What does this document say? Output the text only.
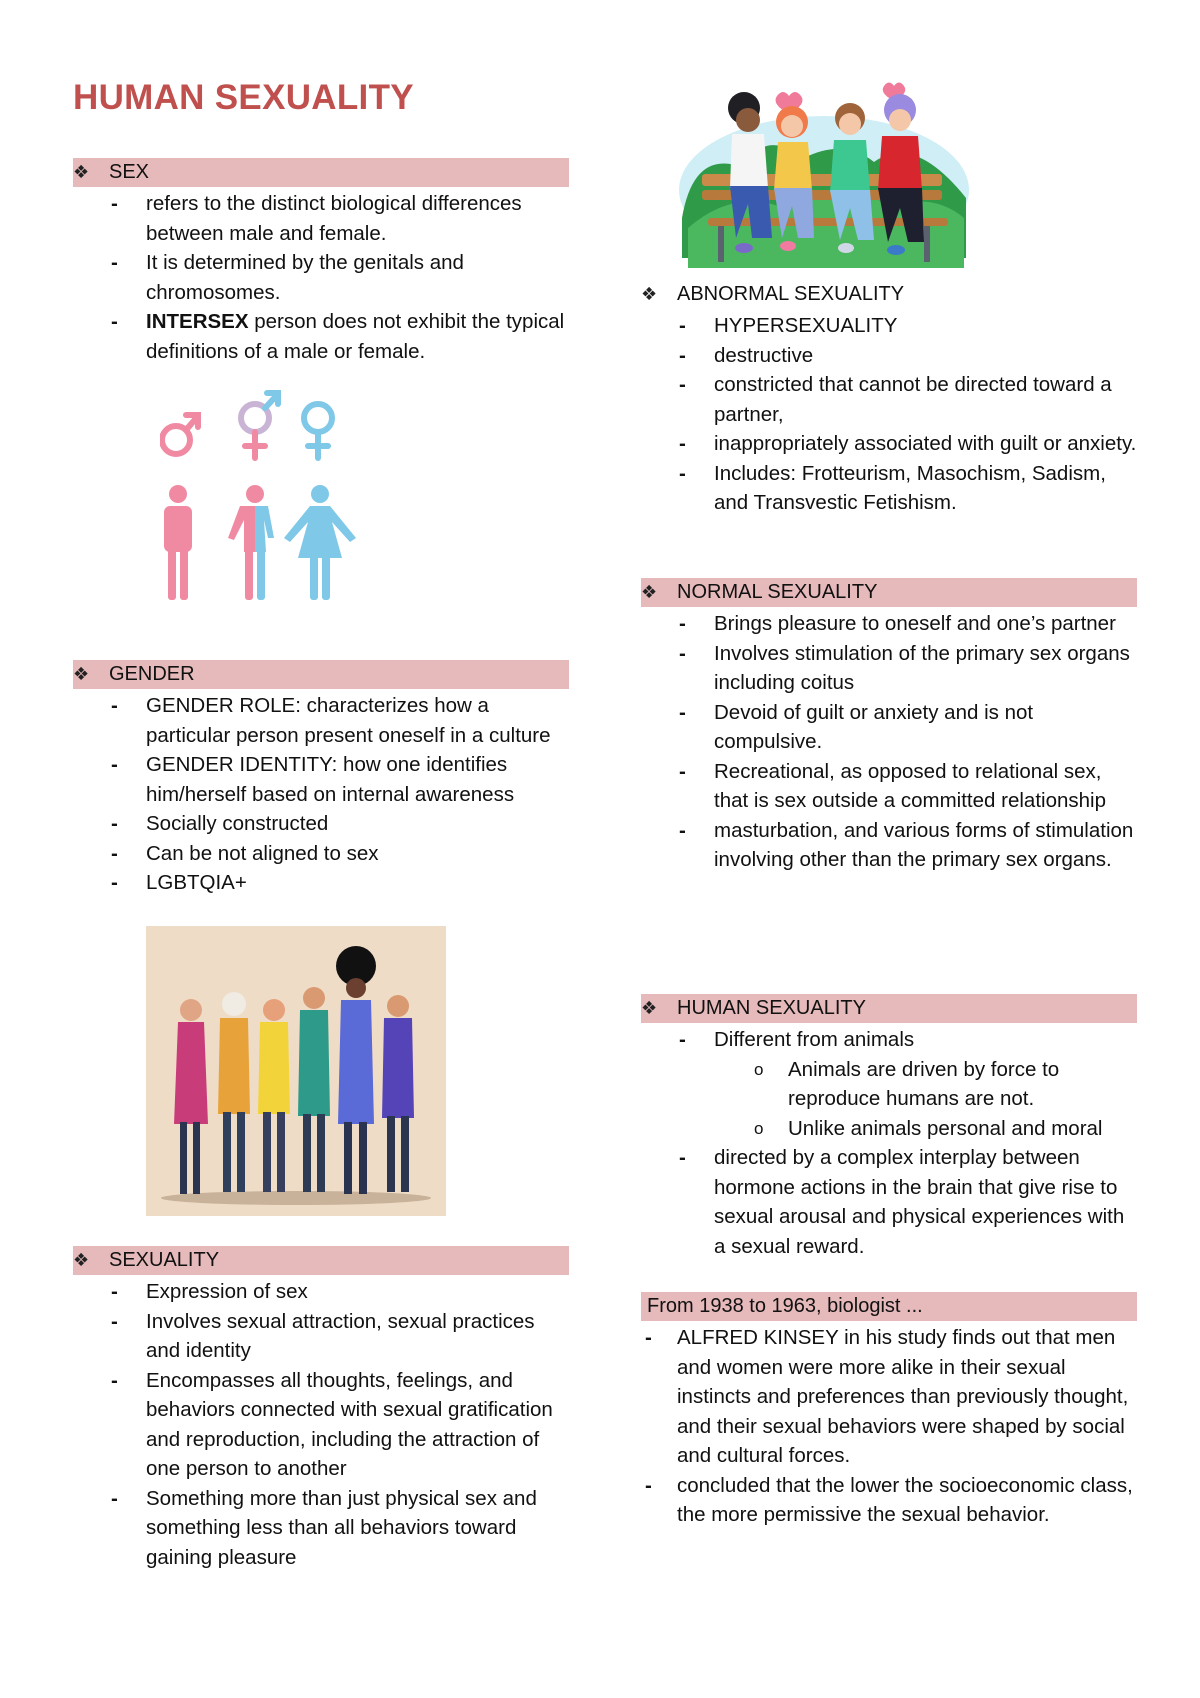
HUMAN SEXUALITY
❖ SEX
- refers to the distinct biological differences between male and female.
- It is determined by the genitals and chromosomes.
- INTERSEX person does not exhibit the typical definitions of a male or female.
❖ GENDER
- GENDER ROLE: characterizes how a particular person present oneself in a culture
- GENDER IDENTITY: how one identifies him/herself based on internal awareness
- Socially constructed
- Can be not aligned to sex
- LGBTQIA+
❖ SEXUALITY
- Expression of sex
- Involves sexual attraction, sexual practices and identity
- Encompasses all thoughts, feelings, and behaviors connected with sexual gratification and reproduction, including the attraction of one person to another
- Something more than just physical sex and something less than all behaviors toward gaining pleasure
❖ ABNORMAL SEXUALITY
- HYPERSEXUALITY
- destructive
- constricted that cannot be directed toward a partner,
- inappropriately associated with guilt or anxiety.
- Includes: Frotteurism, Masochism, Sadism, and Transvestic Fetishism.
❖ NORMAL SEXUALITY
- Brings pleasure to oneself and one’s partner
- Involves stimulation of the primary sex organs including coitus
- Devoid of guilt or anxiety and is not compulsive.
- Recreational, as opposed to relational sex, that is sex outside a committed relationship
- masturbation, and various forms of stimulation involving other than the primary sex organs.
❖ HUMAN SEXUALITY
- Different from animals
o Animals are driven by force to reproduce humans are not.
o Unlike animals personal and moral
- directed by a complex interplay between hormone actions in the brain that give rise to sexual arousal and physical experiences with a sexual reward.
From 1938 to 1963, biologist ...
- ALFRED KINSEY in his study finds out that men and women were more alike in their sexual instincts and preferences than previously thought, and their sexual behaviors were shaped by social and cultural forces.
- concluded that the lower the socioeconomic class, the more permissive the sexual behavior.
